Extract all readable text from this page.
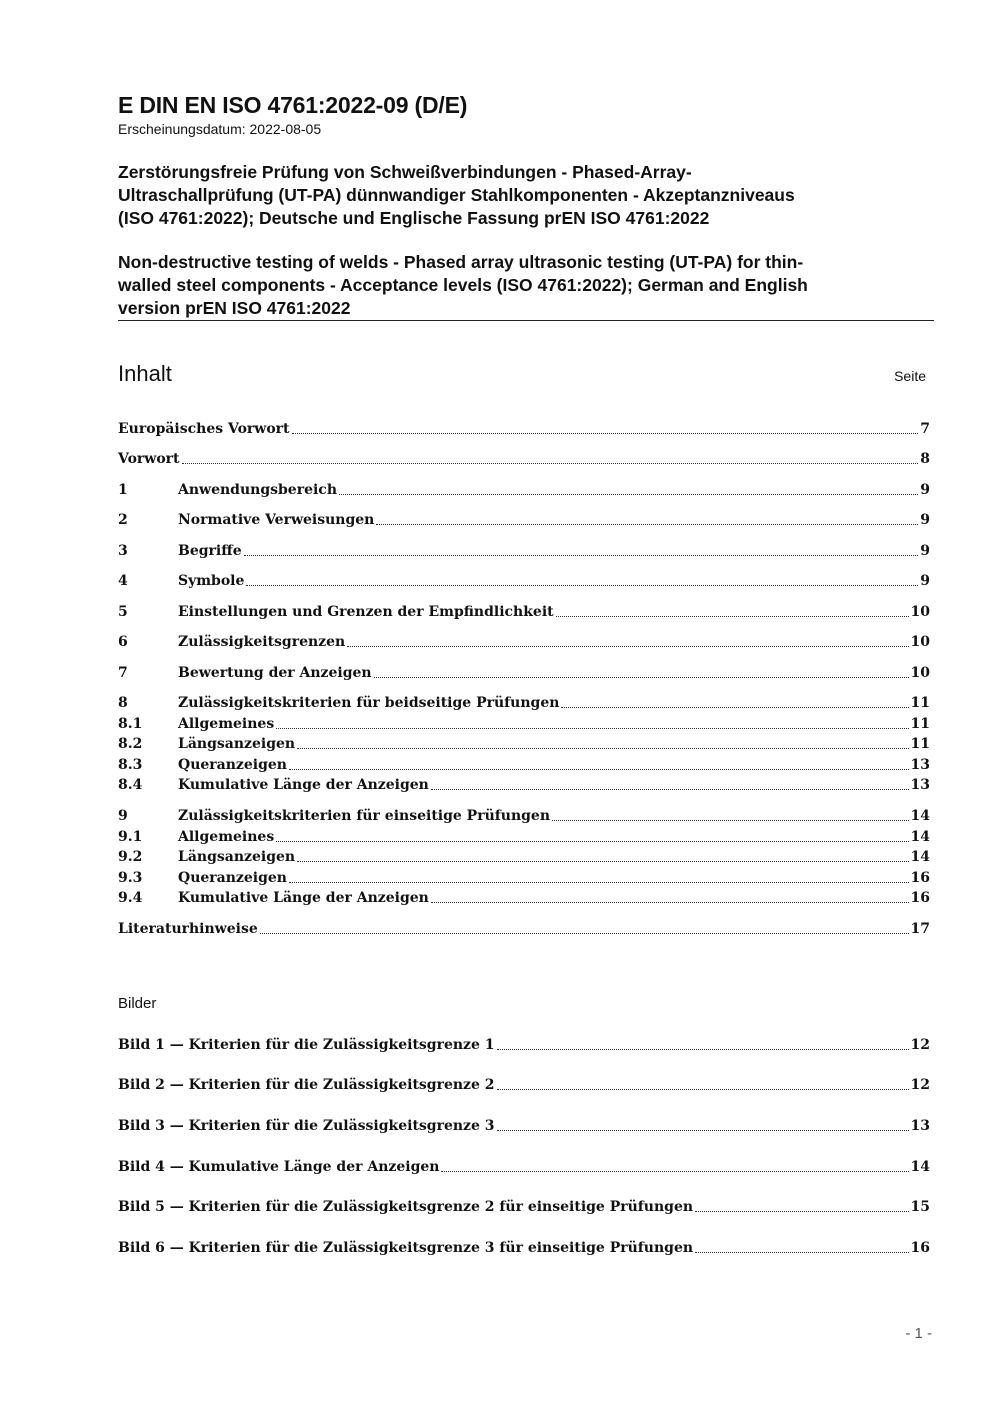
E DIN EN ISO 4761:2022-09 (D/E)
Erscheinungsdatum: 2022-08-05
Zerstörungsfreie Prüfung von Schweißverbindungen - Phased-Array-
Ultraschallprüfung (UT-PA) dünnwandiger Stahlkomponenten - Akzeptanzniveaus
(ISO 4761:2022); Deutsche und Englische Fassung prEN ISO 4761:2022
Non-destructive testing of welds - Phased array ultrasonic testing (UT-PA) for thin-
walled steel components - Acceptance levels (ISO 4761:2022); German and English
version prEN ISO 4761:2022
Inhalt	Seite
Europäisches Vorwort	7
Vorwort	8
1	Anwendungsbereich	9
2	Normative Verweisungen	9
3	Begriffe	9
4	Symbole	9
5	Einstellungen und Grenzen der Empfindlichkeit	10
6	Zulässigkeitsgrenzen	10
7	Bewertung der Anzeigen	10
8	Zulässigkeitskriterien für beidseitige Prüfungen	11
8.1	Allgemeines	11
8.2	Längsanzeigen	11
8.3	Queranzeigen	13
8.4	Kumulative Länge der Anzeigen	13
9	Zulässigkeitskriterien für einseitige Prüfungen	14
9.1	Allgemeines	14
9.2	Längsanzeigen	14
9.3	Queranzeigen	16
9.4	Kumulative Länge der Anzeigen	16
Literaturhinweise	17
Bilder
Bild 1 — Kriterien für die Zulässigkeitsgrenze 1	12
Bild 2 — Kriterien für die Zulässigkeitsgrenze 2	12
Bild 3 — Kriterien für die Zulässigkeitsgrenze 3	13
Bild 4 — Kumulative Länge der Anzeigen	14
Bild 5 — Kriterien für die Zulässigkeitsgrenze 2 für einseitige Prüfungen	15
Bild 6 — Kriterien für die Zulässigkeitsgrenze 3 für einseitige Prüfungen	16
- 1 -
